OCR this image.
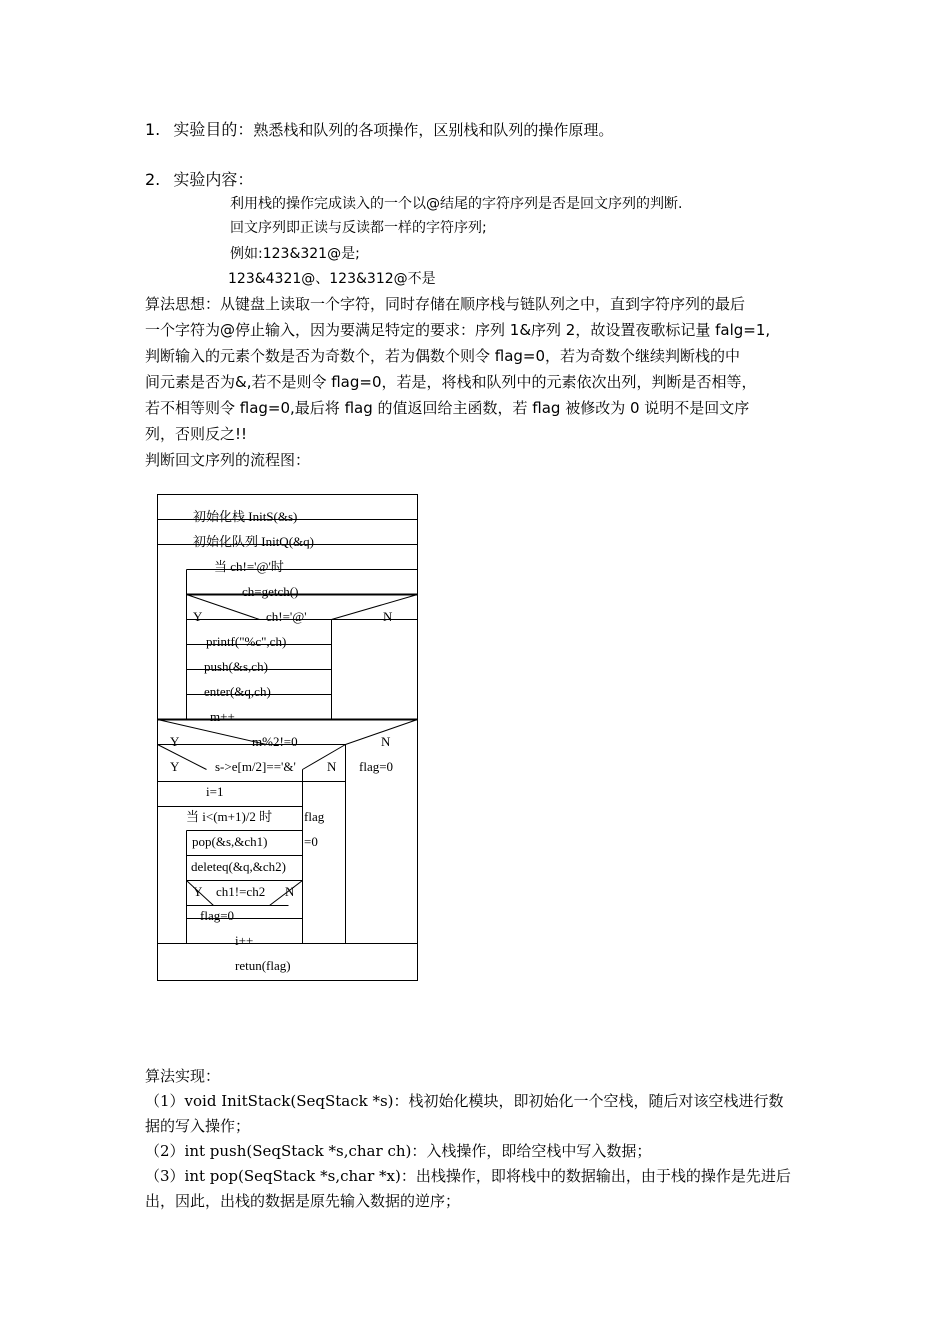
1. 实验目的：熟悉栈和队列的各项操作，区别栈和队列的操作原理。
2. 实验内容：
利用栈的操作完成读入的一个以@结尾的字符序列是否是回文序列的判断.
回文序列即正读与反读都一样的字符序列;
例如:123&321@是;
123&4321@、123&312@不是
算法思想：从键盘上读取一个字符，同时存储在顺序栈与链队列之中，直到字符序列的最后
一个字符为@停止输入，因为要满足特定的要求：序列 1&序列 2，故设置夜歌标记量 falg=1,
判断输入的元素个数是否为奇数个，若为偶数个则令 flag=0，若为奇数个继续判断栈的中
间元素是否为&,若不是则令 flag=0，若是，将栈和队列中的元素依次出列，判断是否相等，
若不相等则令 flag=0,最后将 flag 的值返回给主函数，若 flag 被修改为 0 说明不是回文序
列，否则反之!!
判断回文序列的流程图：
初始化栈 InitS(&s)
初始化队列 InitQ(&q)
当 ch!='@'时
ch=getch()
Y	ch!='@'	N
printf("%c",ch)
push(&s,ch)
enter(&q,ch)
m++
Y	m%2!=0	N
Y	s->e[m/2]=='&' N flag=0
i=1
当 i<(m+1)/2 时 flag
=0
pop(&s,&ch1)
deleteq(&q,&ch2)
Y ch1!=ch2 N
flag=0
i++
retun(flag)
算法实现：
（1）void InitStack(SeqStack *s)：栈初始化模块，即初始化一个空栈，随后对该空栈进行数
据的写入操作；
（2）int push(SeqStack *s,char ch)：入栈操作，即给空栈中写入数据；
（3）int pop(SeqStack *s,char *x)：出栈操作，即将栈中的数据输出，由于栈的操作是先进后
出，因此，出栈的数据是原先输入数据的逆序；
